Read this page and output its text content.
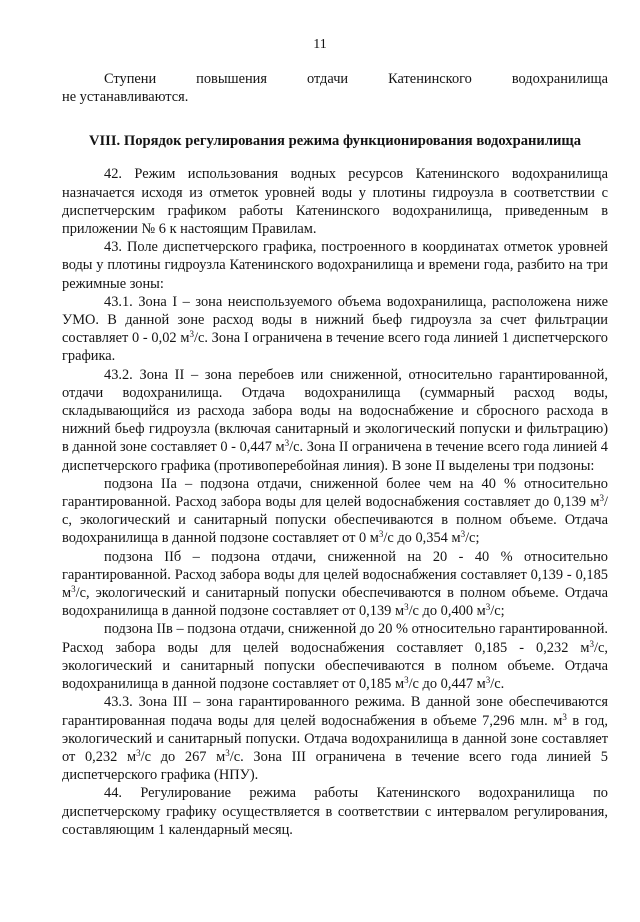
11

Ступени повышения отдачи Катенинского водохранилища

не устанавливаются.

VIII. Порядок регулирования режима функционирования водохранилища

42. Режим использования водных ресурсов Катенинского водохранилища назначается исходя из отметок уровней воды у плотины гидроузла в соответствии с диспетчерским графиком работы Катенинского водохранилища, приведенным в приложении № 6 к настоящим Правилам.

43. Поле диспетчерского графика, построенного в координатах отметок уровней воды у плотины гидроузла Катенинского водохранилища и времени года, разбито на три режимные зоны:

43.1. Зона I – зона неиспользуемого объема водохранилища, расположена ниже УМО. В данной зоне расход воды в нижний бьеф гидроузла за счет фильтрации составляет 0 - 0,02 $м^3/с$. Зона I ограничена в течение всего года линией 1 диспетчерского графика.

43.2. Зона II – зона перебоев или сниженной, относительно гарантированной, отдачи водохранилища. Отдача водохранилища (суммарный расход воды, складывающийся из расхода забора воды на водоснабжение и сбросного расхода в нижний бьеф гидроузла (включая санитарный и экологический попуски и фильтрацию) в данной зоне составляет 0 - 0,447 $м^3/с$. Зона II ограничена в течение всего года линией 4 диспетчерского графика (противоперебойная линия). В зоне II выделены три подзоны:

подзона IIа – подзона отдачи, сниженной более чем на 40 % относительно гарантированной. Расход забора воды для целей водоснабжения составляет до 0,139 $м^3/с$, экологический и санитарный попуски обеспечиваются в полном объеме. Отдача водохранилища в данной подзоне составляет от 0 $м^3/с$ до 0,354 $м^3/с$;

подзона IIб – подзона отдачи, сниженной на 20 - 40 % относительно гарантированной. Расход забора воды для целей водоснабжения составляет 0,139 - 0,185 $м^3/с$, экологический и санитарный попуски обеспечиваются в полном объеме. Отдача водохранилища в данной подзоне составляет от 0,139 $м^3/с$ до 0,400 $м^3/с$;

подзона IIв – подзона отдачи, сниженной до 20 % относительно гарантированной. Расход забора воды для целей водоснабжения составляет 0,185 - 0,232 $м^3/с$, экологический и санитарный попуски обеспечиваются в полном объеме. Отдача водохранилища в данной подзоне составляет от 0,185 $м^3/с$ до 0,447 $м^3/с$.

43.3. Зона III – зона гарантированного режима. В данной зоне обеспечиваются гарантированная подача воды для целей водоснабжения в объеме 7,296 млн. $м^3$ в год, экологический и санитарный попуски. Отдача водохранилища в данной зоне составляет от 0,232 $м^3/с$ до 267 $м^3/с$. Зона III ограничена в течение всего года линией 5 диспетчерского графика (НПУ).

44. Регулирование режима работы Катенинского водохранилища по диспетчерскому графику осуществляется в соответствии с интервалом регулирования, составляющим 1 календарный месяц.
